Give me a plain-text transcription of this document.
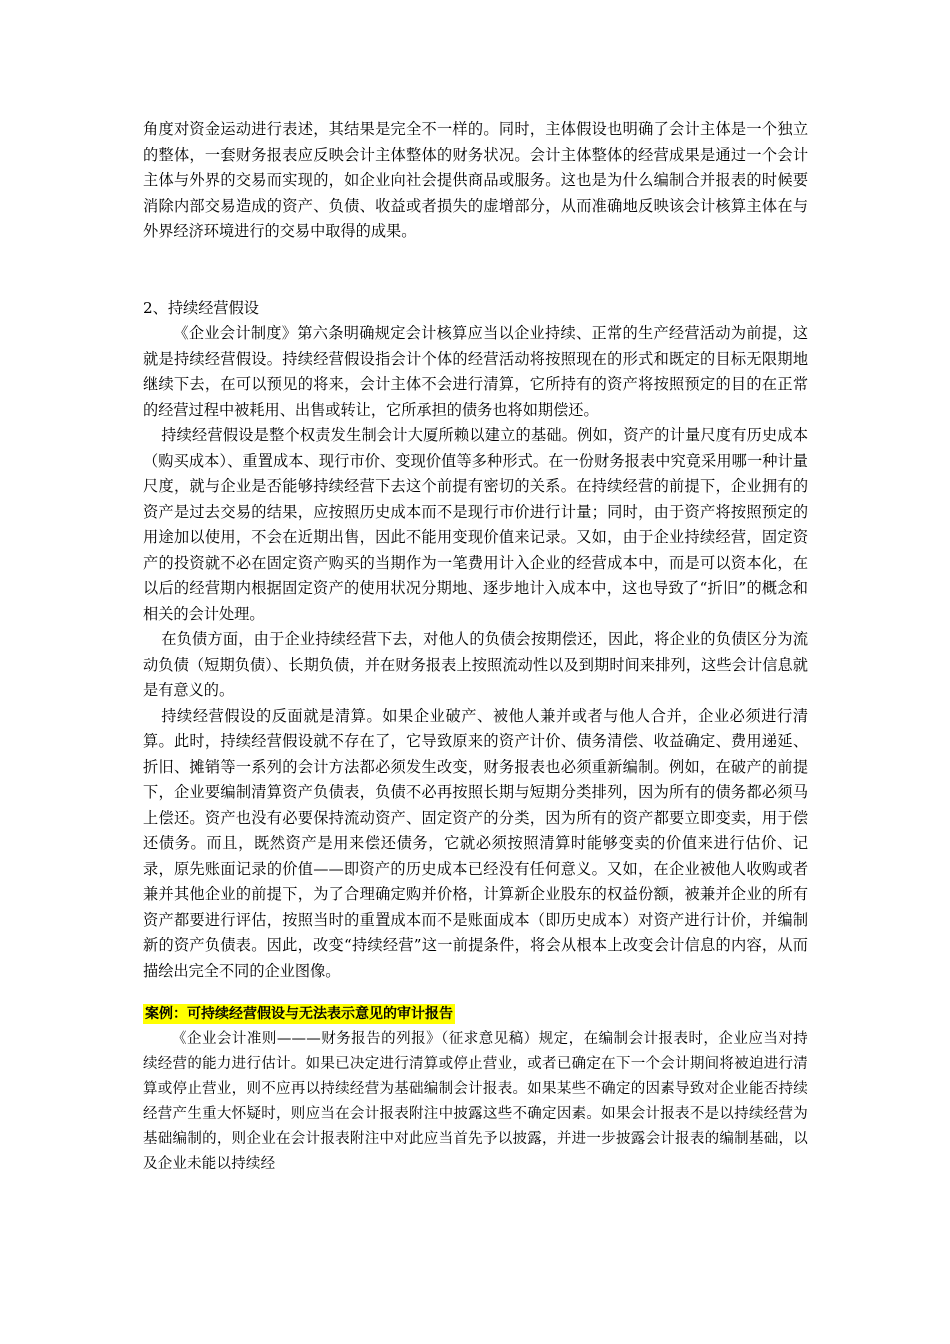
角度对资金运动进行表述，其结果是完全不一样的。同时，主体假设也明确了会计主体是一个独立的整体，一套财务报表应反映会计主体整体的财务状况。会计主体整体的经营成果是通过一个会计主体与外界的交易而实现的，如企业向社会提供商品或服务。这也是为什么编制合并报表的时候要消除内部交易造成的资产、负债、收益或者损失的虚增部分，从而准确地反映该会计核算主体在与外界经济环境进行的交易中取得的成果。

2、持续经营假设

《企业会计制度》第六条明确规定会计核算应当以企业持续、正常的生产经营活动为前提，这就是持续经营假设。持续经营假设指会计个体的经营活动将按照现在的形式和既定的目标无限期地继续下去，在可以预见的将来，会计主体不会进行清算，它所持有的资产将按照预定的目的在正常的经营过程中被耗用、出售或转让，它所承担的债务也将如期偿还。

持续经营假设是整个权责发生制会计大厦所赖以建立的基础。例如，资产的计量尺度有历史成本（购买成本）、重置成本、现行市价、变现价值等多种形式。在一份财务报表中究竟采用哪一种计量尺度，就与企业是否能够持续经营下去这个前提有密切的关系。在持续经营的前提下，企业拥有的资产是过去交易的结果，应按照历史成本而不是现行市价进行计量；同时，由于资产将按照预定的用途加以使用，不会在近期出售，因此不能用变现价值来记录。又如，由于企业持续经营，固定资产的投资就不必在固定资产购买的当期作为一笔费用计入企业的经营成本中，而是可以资本化，在以后的经营期内根据固定资产的使用状况分期地、逐步地计入成本中，这也导致了“折旧”的概念和相关的会计处理。

在负债方面，由于企业持续经营下去，对他人的负债会按期偿还，因此，将企业的负债区分为流动负债（短期负债）、长期负债，并在财务报表上按照流动性以及到期时间来排列，这些会计信息就是有意义的。

持续经营假设的反面就是清算。如果企业破产、被他人兼并或者与他人合并，企业必须进行清算。此时，持续经营假设就不存在了，它导致原来的资产计价、债务清偿、收益确定、费用递延、折旧、摊销等一系列的会计方法都必须发生改变，财务报表也必须重新编制。例如，在破产的前提下，企业要编制清算资产负债表，负债不必再按照长期与短期分类排列，因为所有的债务都必须马上偿还。资产也没有必要保持流动资产、固定资产的分类，因为所有的资产都要立即变卖，用于偿还债务。而且，既然资产是用来偿还债务，它就必须按照清算时能够变卖的价值来进行估价、记录，原先账面记录的价值——即资产的历史成本已经没有任何意义。又如，在企业被他人收购或者兼并其他企业的前提下，为了合理确定购并价格，计算新企业股东的权益份额，被兼并企业的所有资产都要进行评估，按照当时的重置成本而不是账面成本（即历史成本）对资产进行计价，并编制新的资产负债表。因此，改变“持续经营”这一前提条件，将会从根本上改变会计信息的内容，从而描绘出完全不同的企业图像。

案例：可持续经营假设与无法表示意见的审计报告

《企业会计准则———财务报告的列报》（征求意见稿）规定，在编制会计报表时，企业应当对持续经营的能力进行估计。如果已决定进行清算或停止营业，或者已确定在下一个会计期间将被迫进行清算或停止营业，则不应再以持续经营为基础编制会计报表。如果某些不确定的因素导致对企业能否持续经营产生重大怀疑时，则应当在会计报表附注中披露这些不确定因素。如果会计报表不是以持续经营为基础编制的，则企业在会计报表附注中对此应当首先予以披露，并进一步披露会计报表的编制基础，以及企业未能以持续经
